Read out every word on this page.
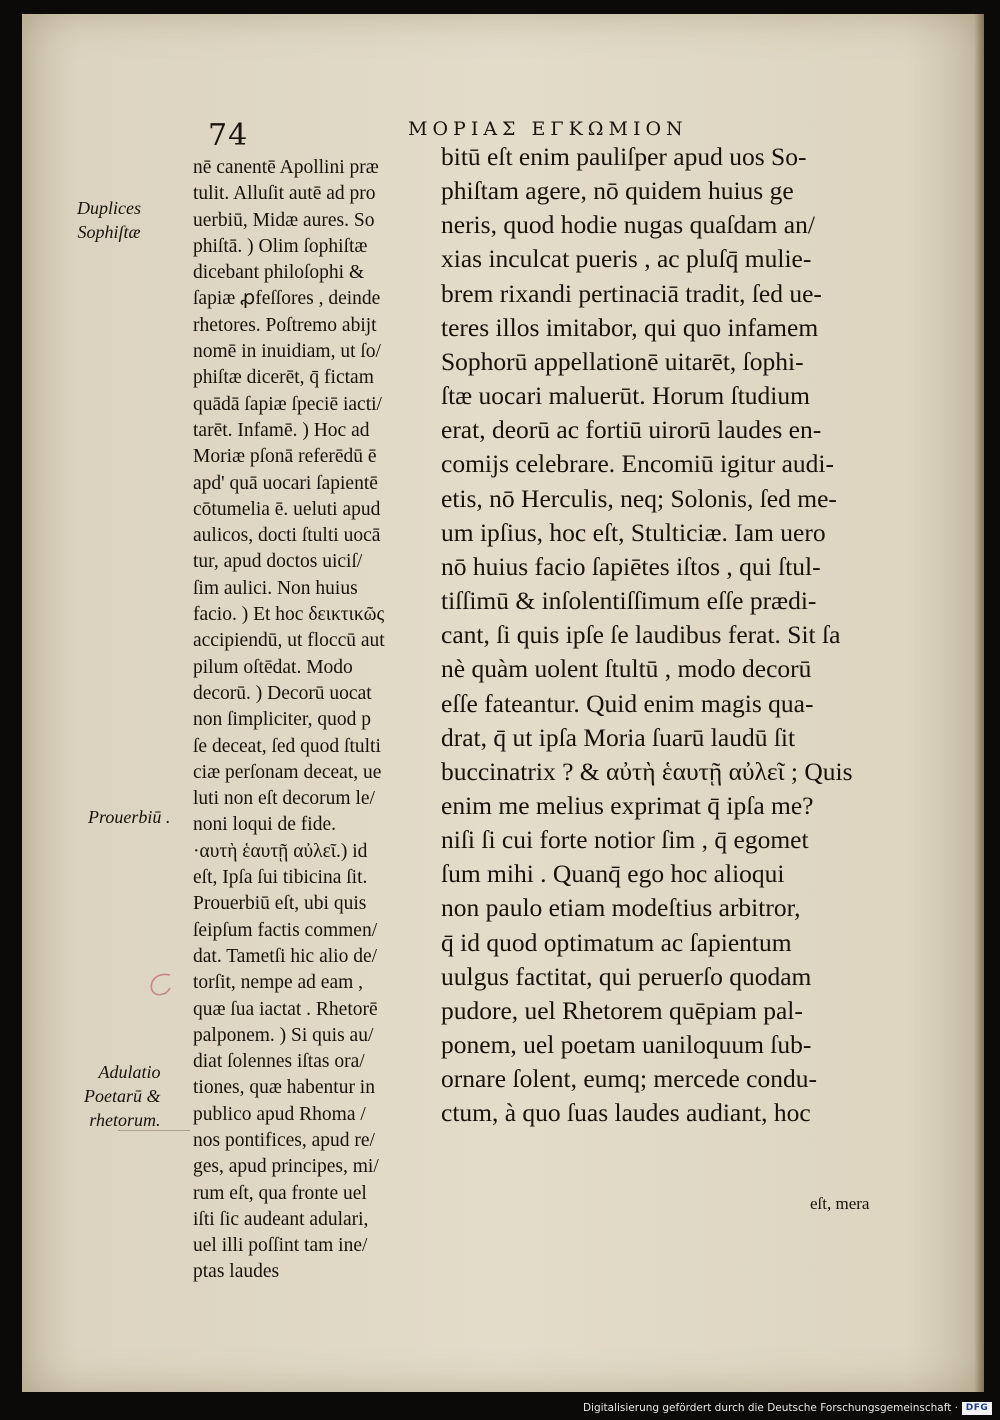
74	ΜΟΡΙΑΣ ΕΓΚΩΜΙΟΝ
Duplices
Sophiſtæ
Prouerbiū .
Adulatio
Poetarū &
rhetorum.
nē canentē Apollini præ
tulit. Alluſit autē ad pro
uerbiū, Midæ aures. So
phiſtā. ) Olim ſophiſtæ
dicebant philoſophi &
ſapiæ ꝓfeſſores , deinde
rhetores. Poſtremo abijt
nomē in inuidiam, ut ſo/
phiſtæ dicerēt, q̄ fictam
quādā ſapiæ ſpeciē iacti/
tarēt. Infamē. ) Hoc ad
Moriæ pſonā referēdū ē
apd' quā uocari ſapientē
cōtumelia ē. ueluti apud
aulicos, docti ſtulti uocā
tur, apud doctos uiciſ/
ſim aulici. Non huius
facio. ) Et hoc δεικτικῶς
accipiendū, ut floccū aut
pilum oſtēdat. Modo
decorū. ) Decorū uocat
non ſimpliciter, quod p
ſe deceat, ſed quod ſtulti
ciæ perſonam deceat, ue
luti non eſt decorum le/
noni loqui de fide.
·αυτὴ ἑαυτῇ αὐλεῖ.) id
eſt, Ipſa ſui tibicina ſit.
Prouerbiū eſt, ubi quis
ſeipſum factis commen/
dat. Tametſi hic alio de/
torſit, nempe ad eam ,
quæ ſua iactat . Rhetorē
palponem. ) Si quis au/
diat ſolennes iſtas ora/
tiones, quæ habentur in
publico apud Rhoma /
nos pontifices, apud re/
ges, apud principes, mi/
rum eſt, qua fronte uel
iſti ſic audeant adulari,
uel illi poſſint tam ine/
ptas laudes
bitū eſt enim pauliſper apud uos So-
phiſtam agere, nō quidem huius ge
neris, quod hodie nugas quaſdam an/
xias inculcat pueris , ac pluſq̄ mulie-
brem rixandi pertinaciā tradit, ſed ue-
teres illos imitabor, qui quo infamem
Sophorū appellationē uitarēt, ſophi-
ſtæ uocari maluerūt. Horum ſtudium
erat, deorū ac fortiū uirorū laudes en-
comijs celebrare. Encomiū igitur audi-
etis, nō Herculis, neq; Solonis, ſed me-
um ipſius, hoc eſt, Stulticiæ. Iam uero
nō huius facio ſapiētes iſtos , qui ſtul-
tiſſimū & inſolentiſſimum eſſe prædi-
cant, ſi quis ipſe ſe laudibus ferat. Sit ſa
nè quàm uolent ſtultū , modo decorū
eſſe fateantur. Quid enim magis qua-
drat, q̄ ut ipſa Moria ſuarū laudū ſit
buccinatrix ? & αὐτὴ ἑαυτῇ αὐλεῖ ; Quis
enim me melius exprimat q̄ ipſa me?
niſi ſi cui forte notior ſim , q̄ egomet
ſum mihi . Quanq̄ ego hoc alioqui
non paulo etiam modeſtius arbitror,
q̄ id quod optimatum ac ſapientum
uulgus factitat, qui peruerſo quodam
pudore, uel Rhetorem quēpiam pal-
ponem, uel poetam uaniloquum ſub-
ornare ſolent, eumq; mercede condu-
ctum, à quo ſuas laudes audiant, hoc
eſt, mera
Digitalisierung gefördert durch die Deutsche Forschungsgemeinschaft · DFG
